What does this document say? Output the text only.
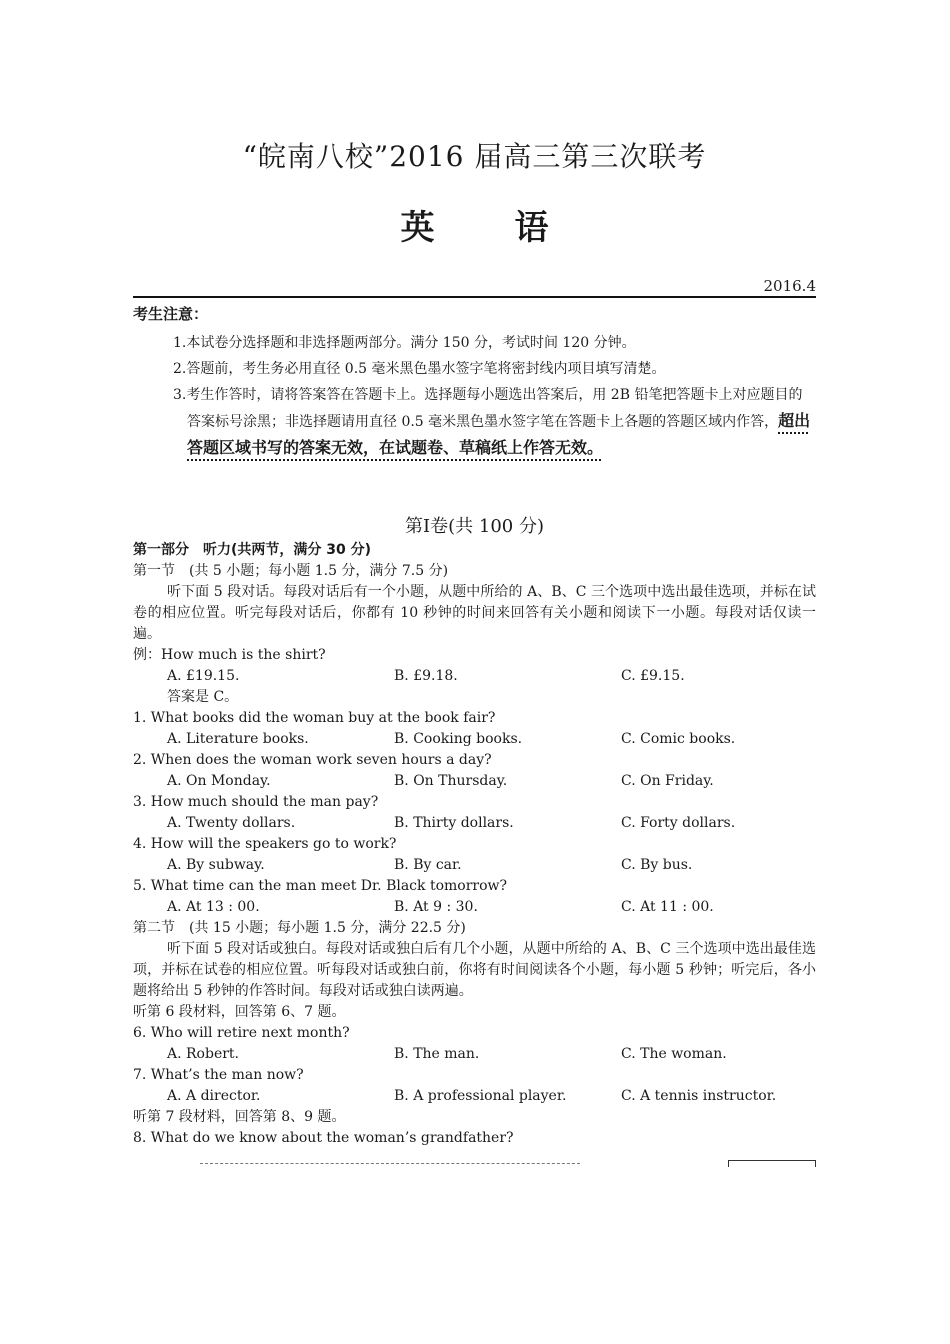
“皖南八校”2016 届高三第三次联考
英 语
2016.4
考生注意：
1.本试卷分选择题和非选择题两部分。满分 150 分，考试时间 120 分钟。
2.答题前，考生务必用直径 0.5 毫米黑色墨水签字笔将密封线内项目填写清楚。
3.考生作答时，请将答案答在答题卡上。选择题每小题选出答案后，用 2B 铅笔把答题卡上对应题目的答案标号涂黑；非选择题请用直径 0.5 毫米黑色墨水签字笔在答题卡上各题的答题区域内作答，超出答题区域书写的答案无效，在试题卷、草稿纸上作答无效。
第Ⅰ卷(共 100 分)
第一部分　听力(共两节，满分 30 分)
第一节　(共 5 小题；每小题 1.5 分，满分 7.5 分)
听下面 5 段对话。每段对话后有一个小题，从题中所给的 A、B、C 三个选项中选出最佳选项，并标在试卷的相应位置。听完每段对话后，你都有 10 秒钟的时间来回答有关小题和阅读下一小题。每段对话仅读一遍。
例：How much is the shirt?
A. £19.15.	B. £9.18.	C. £9.15.
答案是 C。
1. What books did the woman buy at the book fair?
A. Literature books.	B. Cooking books.	C. Comic books.
2. When does the woman work seven hours a day?
A. On Monday.	B. On Thursday.	C. On Friday.
3. How much should the man pay?
A. Twenty dollars.	B. Thirty dollars.	C. Forty dollars.
4. How will the speakers go to work?
A. By subway.	B. By car.	C. By bus.
5. What time can the man meet Dr. Black tomorrow?
A. At 13 : 00.	B. At 9 : 30.	C. At 11 : 00.
第二节　(共 15 小题；每小题 1.5 分，满分 22.5 分)
听下面 5 段对话或独白。每段对话或独白后有几个小题，从题中所给的 A、B、C 三个选项中选出最佳选项，并标在试卷的相应位置。听每段对话或独白前，你将有时间阅读各个小题，每小题 5 秒钟；听完后，各小题将给出 5 秒钟的作答时间。每段对话或独白读两遍。
听第 6 段材料，回答第 6、7 题。
6. Who will retire next month?
A. Robert.	B. The man.	C. The woman.
7. What’s the man now?
A. A director.	B. A professional player.	C. A tennis instructor.
听第 7 段材料，回答第 8、9 题。
8. What do we know about the woman’s grandfather?
